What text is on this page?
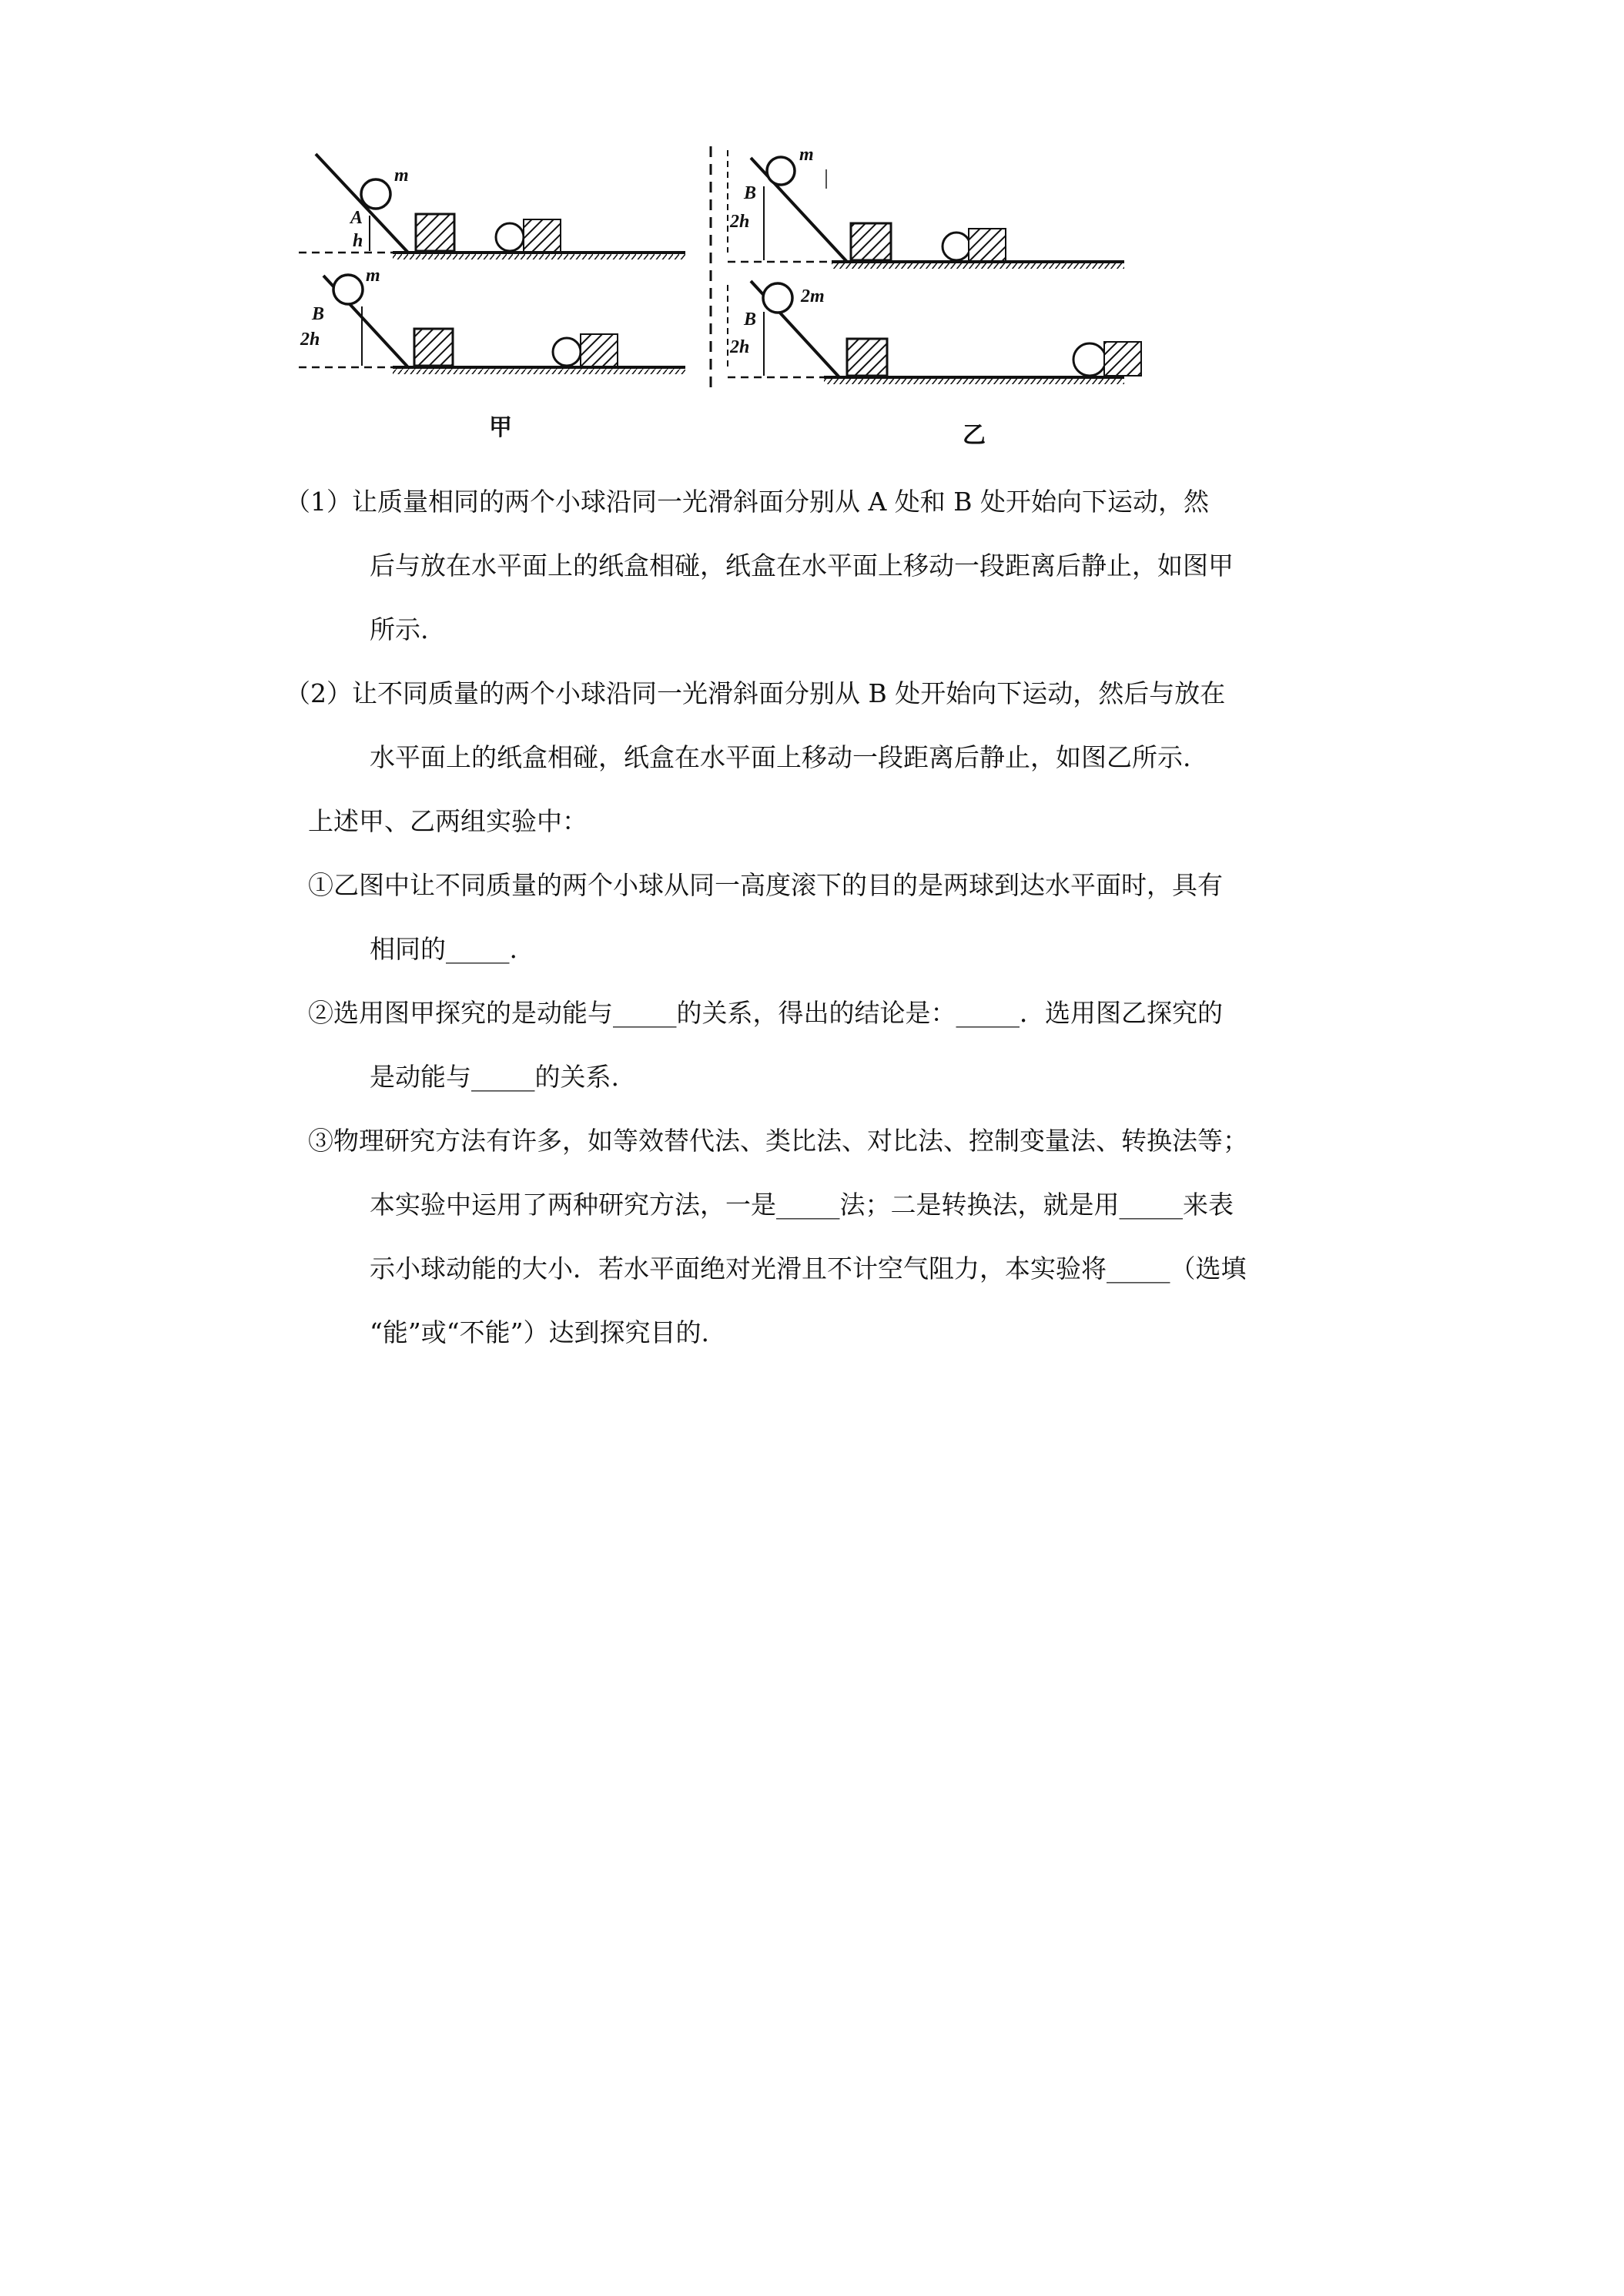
m
A
h
m
B
2h
甲
m
B
2h
2m
B
2h
乙
（1）让质量相同的两个小球沿同一光滑斜面分别从 A 处和 B 处开始向下运动，然
后与放在水平面上的纸盒相碰，纸盒在水平面上移动一段距离后静止，如图甲
所示.
（2）让不同质量的两个小球沿同一光滑斜面分别从 B 处开始向下运动，然后与放在
水平面上的纸盒相碰，纸盒在水平面上移动一段距离后静止，如图乙所示.
上述甲、乙两组实验中：
①乙图中让不同质量的两个小球从同一高度滚下的目的是两球到达水平面时，具有
相同的_____.
②选用图甲探究的是动能与_____的关系，得出的结论是：_____．选用图乙探究的
是动能与_____的关系.
③物理研究方法有许多，如等效替代法、类比法、对比法、控制变量法、转换法等；
本实验中运用了两种研究方法，一是_____法；二是转换法，就是用_____来表
示小球动能的大小．若水平面绝对光滑且不计空气阻力，本实验将_____（选填
“能”或“不能”）达到探究目的.
